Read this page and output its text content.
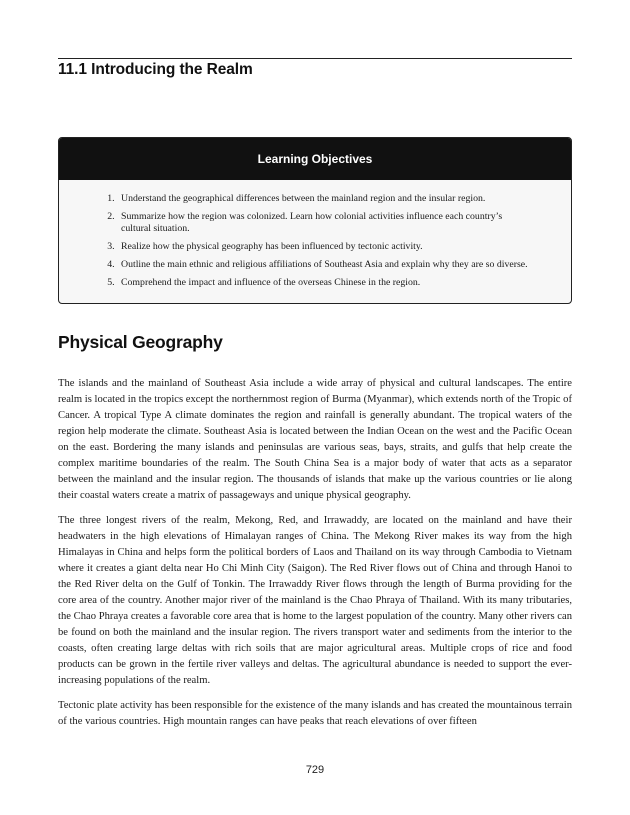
11.1 Introducing the Realm
Learning Objectives
1. Understand the geographical differences between the mainland region and the insular region.
2. Summarize how the region was colonized. Learn how colonial activities influence each country’s cultural situation.
3. Realize how the physical geography has been influenced by tectonic activity.
4. Outline the main ethnic and religious affiliations of Southeast Asia and explain why they are so diverse.
5. Comprehend the impact and influence of the overseas Chinese in the region.
Physical Geography

The islands and the mainland of Southeast Asia include a wide array of physical and cultural landscapes. The entire realm is located in the tropics except the northernmost region of Burma (Myanmar), which extends north of the Tropic of Cancer. A tropical Type A climate dominates the region and rainfall is generally abundant. The tropical waters of the region help moderate the climate. Southeast Asia is located between the Indian Ocean on the west and the Pacific Ocean on the east. Bordering the many islands and peninsulas are various seas, bays, straits, and gulfs that help create the complex maritime boundaries of the realm. The South China Sea is a major body of water that acts as a separator between the mainland and the insular region. The thousands of islands that make up the various countries or lie along their coastal waters create a matrix of passageways and unique physical geography.

The three longest rivers of the realm, Mekong, Red, and Irrawaddy, are located on the mainland and have their headwaters in the high elevations of Himalayan ranges of China. The Mekong River makes its way from the high Himalayas in China and helps form the political borders of Laos and Thailand on its way through Cambodia to Vietnam where it creates a giant delta near Ho Chi Minh City (Saigon). The Red River flows out of China and through Hanoi to the Red River delta on the Gulf of Tonkin. The Irrawaddy River flows through the length of Burma providing for the core area of the country. Another major river of the mainland is the Chao Phraya of Thailand. With its many tributaries, the Chao Phraya creates a favorable core area that is home to the largest population of the country. Many other rivers can be found on both the mainland and the insular region. The rivers transport water and sediments from the interior to the coasts, often creating large deltas with rich soils that are major agricultural areas. Multiple crops of rice and food products can be grown in the fertile river valleys and deltas. The agricultural abundance is needed to support the ever-increasing populations of the realm.

Tectonic plate activity has been responsible for the existence of the many islands and has created the mountainous terrain of the various countries. High mountain ranges can have peaks that reach elevations of over fifteen

729
